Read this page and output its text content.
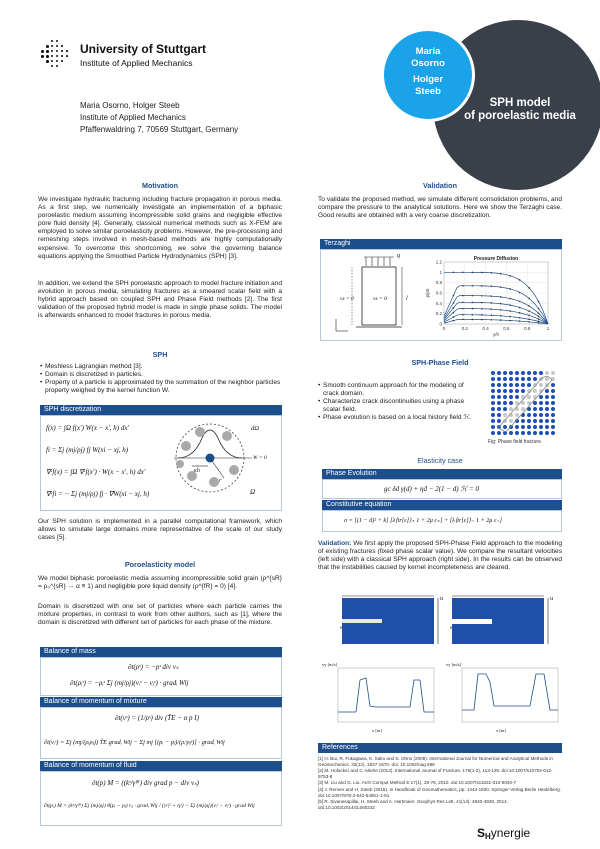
University of Stuttgart
Institute of Applied Mechanics
Maria Osorno, Holger Steeb
Institute of Applied Mechanics
Pfaffenwaldring 7, 70569 Stuttgart, Germany
Maria
Osorno
Holger
Steeb
SPH model
of poroelastic media
Motivation
We investigate hydraulic fracturing including fracture propagation in porous media. As a first step, we numerically investigate an implementation of a biphasic poroelastic medium assuming incompressible solid grains and negligible effective pore fluid density [4]. Generally, classical numerical methods such as X-FEM are employed to solve similar poroelasticity problems. However, the pre-processing and remeshing steps involved in mesh-based methods are highly computationally expensive. To overcome this shortcoming, we solve the governing balance equations applying the Smoothed Particle Hydrodynamics (SPH) [3].
In addition, we extend the SPH poroelastic approach to model fracture initiation and evolution in porous media, simulating fractures as a smeared scalar field with a hybrid approach based on coupled SPH and Phase Field methods [2]. The first validation of the proposed hybrid model is made in single phase solids. The model is afterwards enhanced to model fractures in porous media.
SPH
• Meshless Lagrangian method [3].
• Domain is discretized in particles.
• Property of a particle is approximated by the summation of the neighbor particles property weighed by the kernel function W.
SPH discretization
f(x) = ∫Ω f(x′) W(x − x′, h) dx′
fi = Σj (mj/ρj) fj W(xi − xj, h)
∇·f(x) = ∫Ω ∇·f(x′) · W(x − x′, h) dx′
∇·fi = − Σj (mj/ρj) fj · ∇W(xi − xj, h)
dΩ
κh
W = 0
r
Ω
Our SPH solution is implemented in a parallel computational framework, which allows to simulate large domains more representative of the scale of our study cases [5].
Poroelasticity model
We model biphasic poroelastic media assuming incompressible solid grain (ρ^{sR} = ρ₀^{sR} → α ≡ 1) and negligible pore liquid density (ρ^{fR} = 0) [4].
Domain is discretized with one set of particles where each particle carries the mixture properties, in contrast to work from other authors, such as [1], where the domain is discretized with different set of particles for each phase of the mixture.
Balance of mass
∂t(ρˢ) = −ρˢ div vₛ
∂t(ρᵢˢ) = −ρᵢˢ Σj (mj/ρj)(vᵢˢ − vⱼˢ) · gradᵢ Wij
Balance of momentum of mixture
∂t(vˢ) = (1/ρˢ) div (T̃E − α p I)
∂t(vᵢˢ) = Σj (mj/(ρᵢρⱼ)) T̃E gradᵢ Wij − Σj mj [(pᵢ − pⱼ)/(ρᵢˢρⱼˢ)] · gradᵢ Wij
Balance of momentum of fluid
∂t(p) M = ((kˢ/γᶠᴿ) div grad p − div vₛ)
∂t(pᵢ) M = (kˢ/γᶠᴿ) Σj (mj/ρj) 8(pᵢ − pⱼ) rᵢⱼ · gradᵢ Wij / (|r|² + η²) − Σj (mj/ρj)(vᵢˢ − vⱼˢ) · grad Wij
Validation
To validate the proposed method, we simulate different consolidation problems, and compare the pressure to the analytical solutions. Here we show the Terzaghi case. Good results are obtained with a very coarse discretization.
Terzaghi
q
vz = 0	vz = 0	l
0	0.2	0.4	0.6	0.8	1
0
0.2
0.4
0.6
0.8
1
1.2	Pressure Diffusion
y/h
p/p0
SPH-Phase Field
• Smooth continuum approach for the modeling of crack domain.
• Characterize crack discontinuities using a phase scalar field.
• Phase evolution is based on a local history field ℋ.
Fig: Phase field fracture.
Elasticity case
Phase Evolution
gc δd γ(d) + ηḋ − 2(1 − d) ℋ = 0
Constitutive equation
σ = [(1 − d)² + k] [λ⟨tr[ε]⟩₊ 1 + 2μ ε₊] + [λ⟨tr[ε]⟩₋ 1 + 2μ ε₋]
Validation: We first apply the proposed SPH-Phase Field approach to the modeling of existing fractures (fixed phase scalar value). We compare the resultant velocities (left side) with a classical SPH approach (right side). In the results can be observed that the instabilities caused by kernel incompleteness are cleared.
u	u
e	e
vy [m/s]	vy [m/s]
x [m]	x [m]
References
[1] H. Bui, R. Fukagawa, K. Sako and S. Ohno (2008). International Journal for Numerical and Analytical Methods in Geomechanics, 32(12), 1537-1570. doi: 10.1002/nag.688
[2] M. Hofacker and C. Miehe (2012). International Journal of Fracture, 178(1-2), 113-129. doi:10.1007/s10704-012-9753-8
[3] M. Liu and G. Liu. Arch Comput Method E 17(1), 25-76, 2010. doi:10.1007/s11831-010-9040-7
[4] J. Renner and H. Steeb (2015). In Handbook of Geomathematics, pp. 1443-1500. Springer-Verlag Berlin Heidelberg. doi:10.1007/978-3-642-54551-1-81
[5] R. Sivanesapillai, H. Steeb and A. Hartmaier. Geophys Res Lett, 41(14): 4920-4928, 2014. doi:10.1002/2014GL060232
SHynergie
